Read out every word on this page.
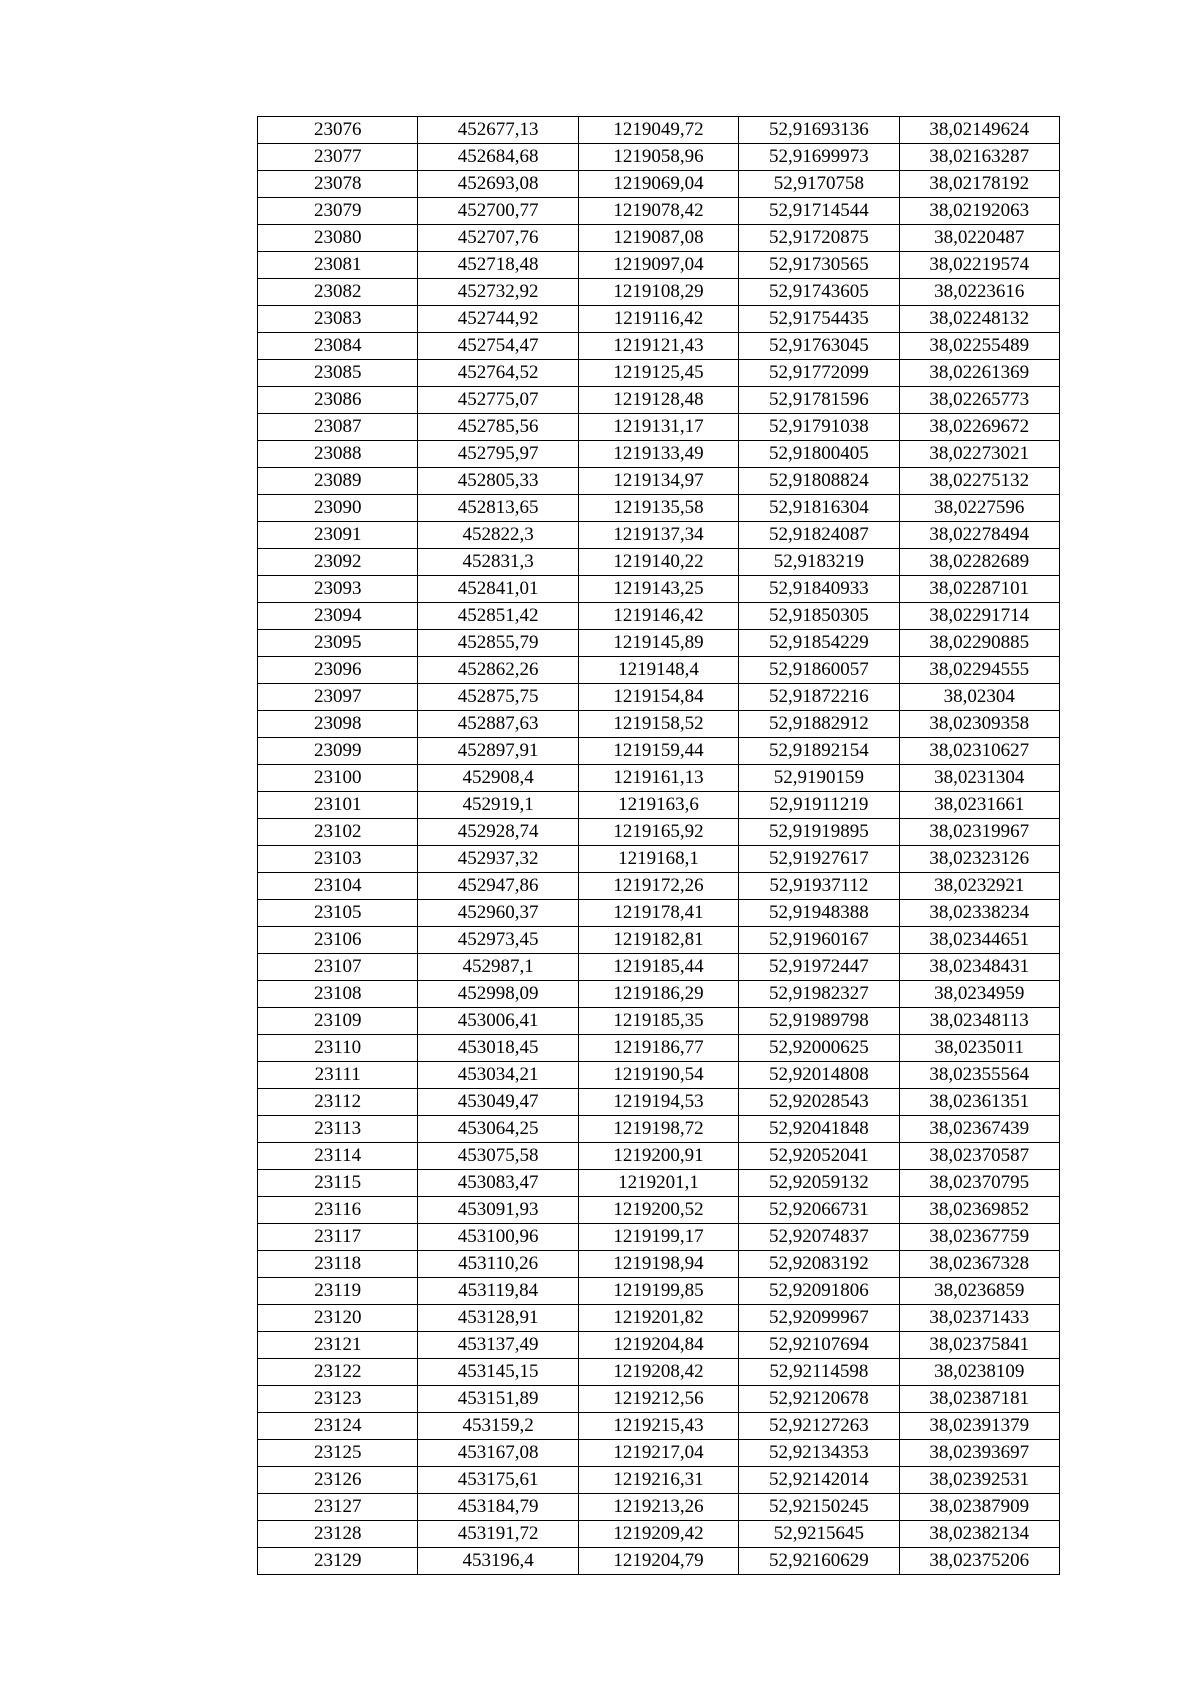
23076	452677,13	1219049,72	52,91693136	38,02149624
23077	452684,68	1219058,96	52,91699973	38,02163287
23078	452693,08	1219069,04	52,9170758	38,02178192
23079	452700,77	1219078,42	52,91714544	38,02192063
23080	452707,76	1219087,08	52,91720875	38,0220487
23081	452718,48	1219097,04	52,91730565	38,02219574
23082	452732,92	1219108,29	52,91743605	38,0223616
23083	452744,92	1219116,42	52,91754435	38,02248132
23084	452754,47	1219121,43	52,91763045	38,02255489
23085	452764,52	1219125,45	52,91772099	38,02261369
23086	452775,07	1219128,48	52,91781596	38,02265773
23087	452785,56	1219131,17	52,91791038	38,02269672
23088	452795,97	1219133,49	52,91800405	38,02273021
23089	452805,33	1219134,97	52,91808824	38,02275132
23090	452813,65	1219135,58	52,91816304	38,0227596
23091	452822,3	1219137,34	52,91824087	38,02278494
23092	452831,3	1219140,22	52,9183219	38,02282689
23093	452841,01	1219143,25	52,91840933	38,02287101
23094	452851,42	1219146,42	52,91850305	38,02291714
23095	452855,79	1219145,89	52,91854229	38,02290885
23096	452862,26	1219148,4	52,91860057	38,02294555
23097	452875,75	1219154,84	52,91872216	38,02304
23098	452887,63	1219158,52	52,91882912	38,02309358
23099	452897,91	1219159,44	52,91892154	38,02310627
23100	452908,4	1219161,13	52,9190159	38,0231304
23101	452919,1	1219163,6	52,91911219	38,0231661
23102	452928,74	1219165,92	52,91919895	38,02319967
23103	452937,32	1219168,1	52,91927617	38,02323126
23104	452947,86	1219172,26	52,91937112	38,0232921
23105	452960,37	1219178,41	52,91948388	38,02338234
23106	452973,45	1219182,81	52,91960167	38,02344651
23107	452987,1	1219185,44	52,91972447	38,02348431
23108	452998,09	1219186,29	52,91982327	38,0234959
23109	453006,41	1219185,35	52,91989798	38,02348113
23110	453018,45	1219186,77	52,92000625	38,0235011
23111	453034,21	1219190,54	52,92014808	38,02355564
23112	453049,47	1219194,53	52,92028543	38,02361351
23113	453064,25	1219198,72	52,92041848	38,02367439
23114	453075,58	1219200,91	52,92052041	38,02370587
23115	453083,47	1219201,1	52,92059132	38,02370795
23116	453091,93	1219200,52	52,92066731	38,02369852
23117	453100,96	1219199,17	52,92074837	38,02367759
23118	453110,26	1219198,94	52,92083192	38,02367328
23119	453119,84	1219199,85	52,92091806	38,0236859
23120	453128,91	1219201,82	52,92099967	38,02371433
23121	453137,49	1219204,84	52,92107694	38,02375841
23122	453145,15	1219208,42	52,92114598	38,0238109
23123	453151,89	1219212,56	52,92120678	38,02387181
23124	453159,2	1219215,43	52,92127263	38,02391379
23125	453167,08	1219217,04	52,92134353	38,02393697
23126	453175,61	1219216,31	52,92142014	38,02392531
23127	453184,79	1219213,26	52,92150245	38,02387909
23128	453191,72	1219209,42	52,9215645	38,02382134
23129	453196,4	1219204,79	52,92160629	38,02375206
